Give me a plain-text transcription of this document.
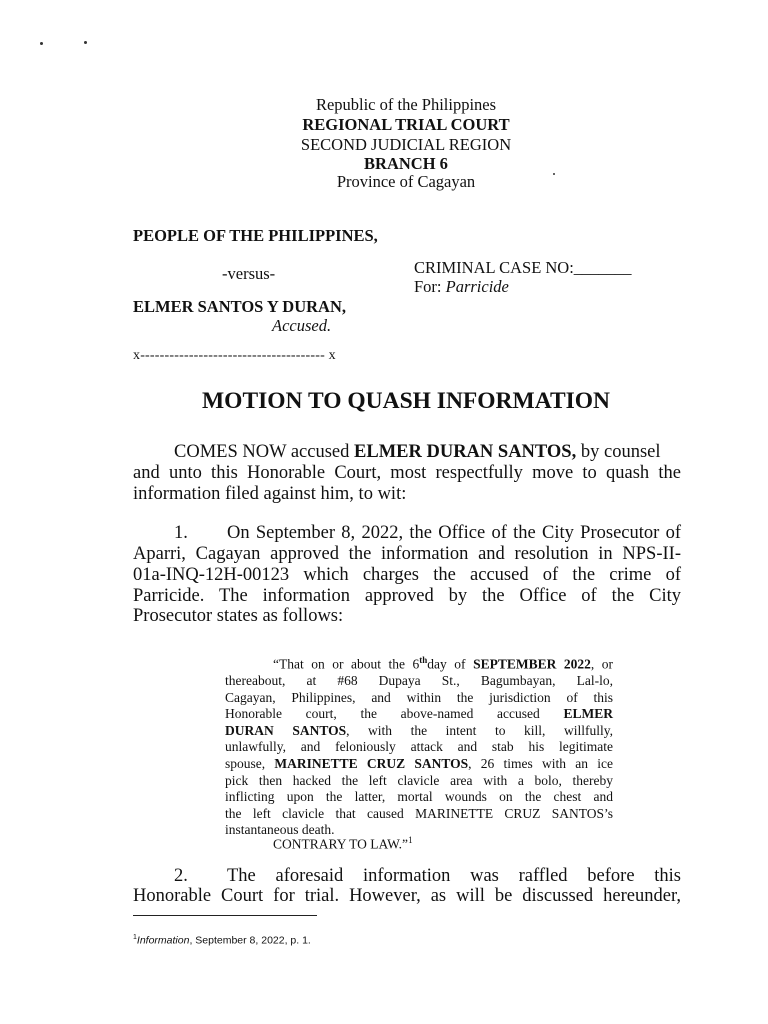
Republic of the Philippines
REGIONAL TRIAL COURT
SECOND JUDICIAL REGION
BRANCH 6
Province of Cagayan
PEOPLE OF THE PHILIPPINES,
-versus-
ELMER SANTOS Y DURAN,
Accused.
CRIMINAL CASE NO:_______
For: Parricide
x-------------------------------------- x
MOTION TO QUASH INFORMATION
COMES NOW accused ELMER DURAN SANTOS, by counsel
and unto this Honorable Court, most respectfully move to quash the
information filed against him, to wit:
1. On September 8, 2022, the Office of the City Prosecutor of
Aparri, Cagayan approved the information and resolution in NPS-II-
01a-INQ-12H-00123 which charges the accused of the crime of
Parricide. The information approved by the Office of the City
Prosecutor states as follows:
“That on or about the 6thday of SEPTEMBER 2022, or
thereabout, at #68 Dupaya St., Bagumbayan, Lal-lo,
Cagayan, Philippines, and within the jurisdiction of this
Honorable court, the above-named accused ELMER
DURAN SANTOS, with the intent to kill, willfully,
unlawfully, and feloniously attack and stab his legitimate
spouse, MARINETTE CRUZ SANTOS, 26 times with an ice
pick then hacked the left clavicle area with a bolo, thereby
inflicting upon the latter, mortal wounds on the chest and
the left clavicle that caused MARINETTE CRUZ SANTOS’s
instantaneous death.
CONTRARY TO LAW.”$^1$
2. The aforesaid information was raffled before this
Honorable Court for trial. However, as will be discussed hereunder,
$^1$Information, September 8, 2022, p. 1.
